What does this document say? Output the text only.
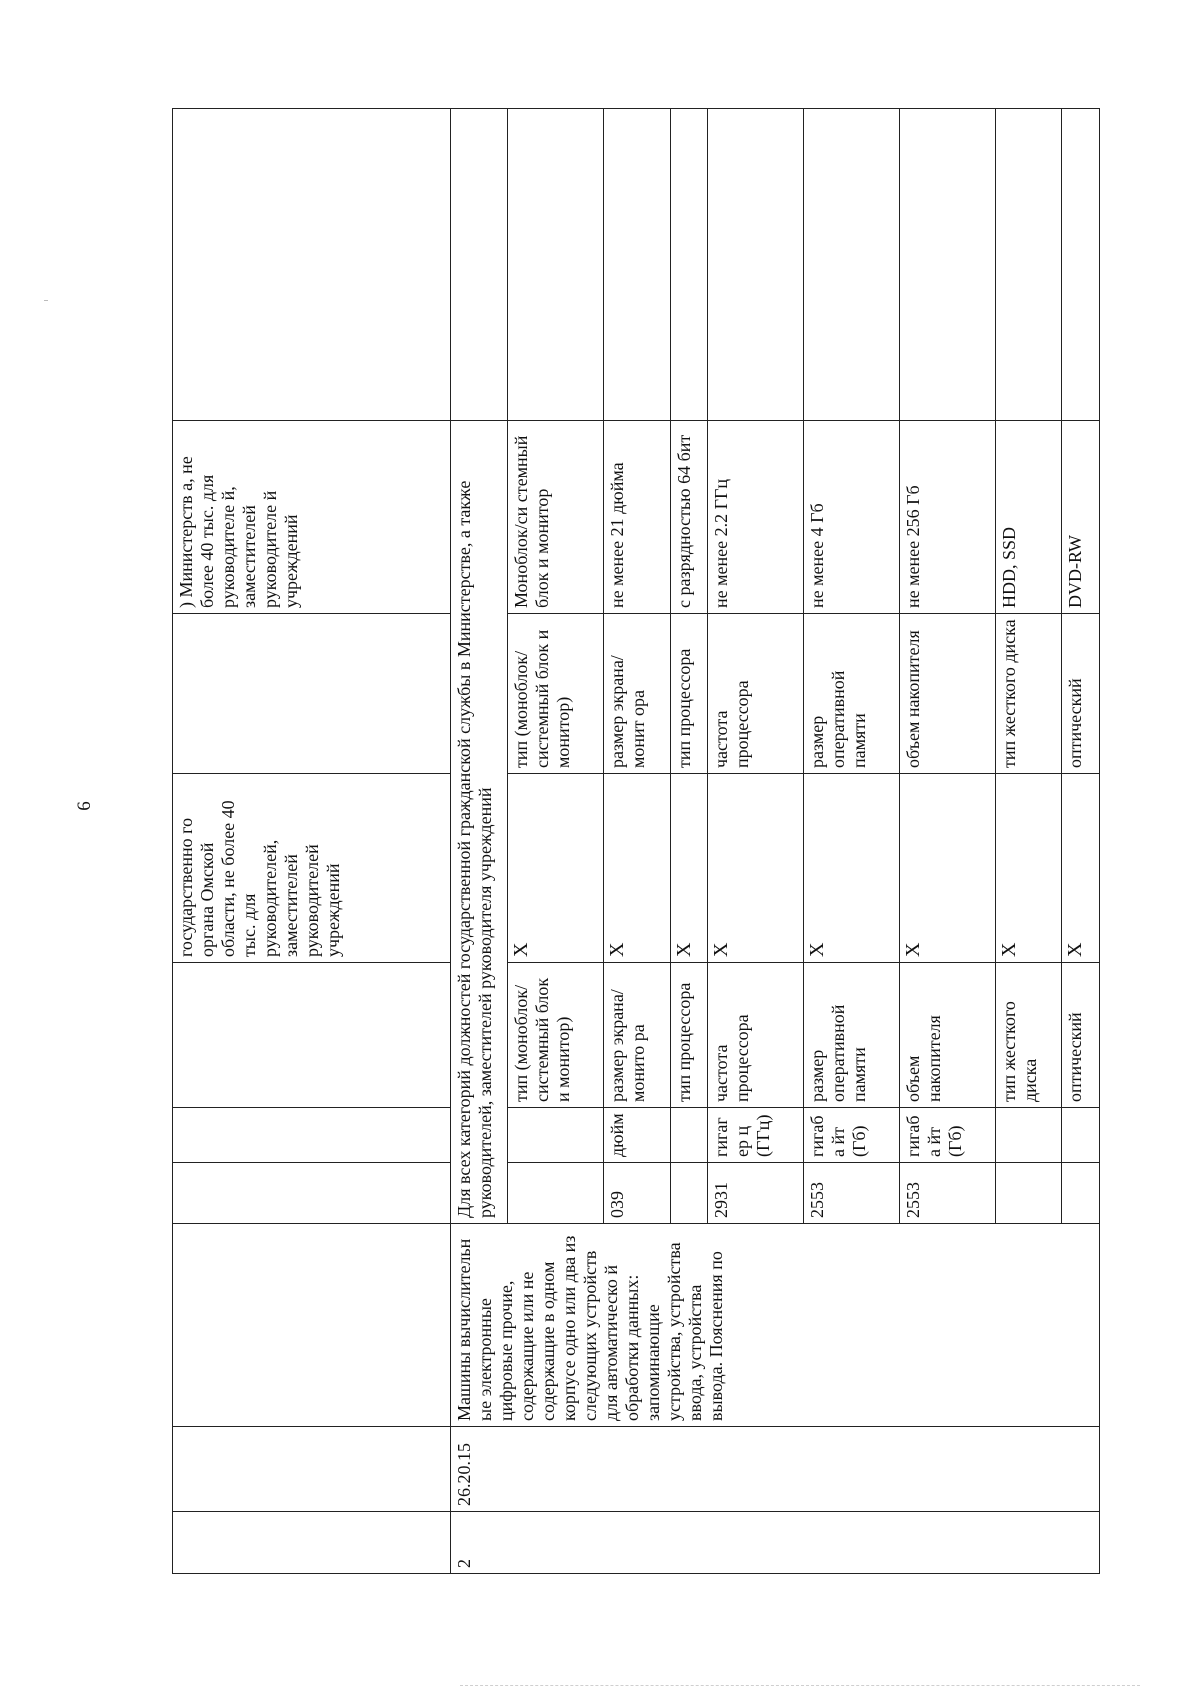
6
						государственно го органа Омской области, не более 40 тыс. для руководителей, заместителей руководителей учреждений		) Министерств а, не более 40 тыс. для руководителе й, заместителей руководителе й учреждений	
2	26.20.15	Машины вычислительн ые электронные цифровые прочие, содержащие или не содержащие в одном корпусе одно или два из следующих устройств для автоматическо й обработки данных: запоминающие устройства, устройства ввода, устройства вывода. Пояснения по	Для всех категорий должностей государственной гражданской службы в Министерстве, а также руководителей, заместителей руководителя учреждений						
					тип (моноблок/ системный блок и монитор)	X	тип (моноблок/ системный блок и монитор)	Моноблок/си стемный блок и монитор	
			039	дюйм	размер экрана/монито ра	X	размер экрана/монит ора	не менее 21 дюйма	
					тип процессора	X	тип процессора	с разрядностью 64 бит	
			2931	гигагер ц (ГГц)	частота процессора	X	частота процессора	не менее 2.2 ГГц	
			2553	гигаба йт (Гб)	размер оперативной памяти	X	размер оперативной памяти	не менее 4 Гб	
			2553	гигаба йт (Гб)	объем накопителя	X	объем накопителя	не менее 256 Гб	
					тип жесткого диска	X	тип жесткого диска	HDD, SSD	
					оптический	X	оптический	DVD-RW	
